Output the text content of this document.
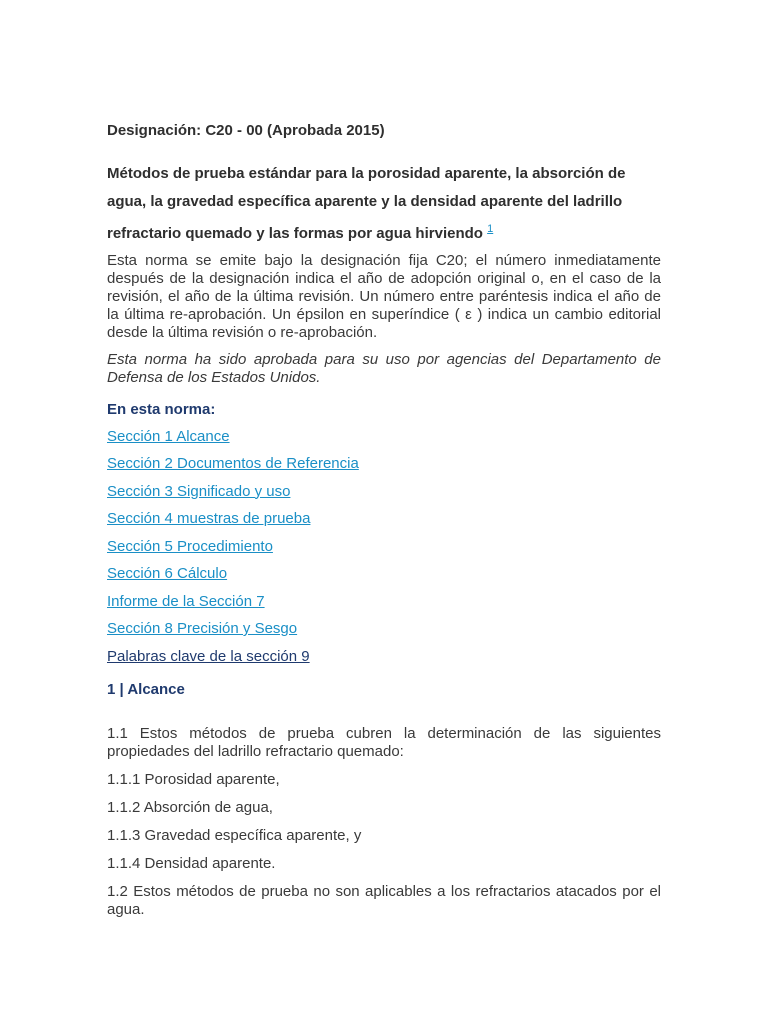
Designación: C20 - 00 (Aprobada 2015)
Métodos de prueba estándar para la porosidad aparente, la absorción de agua, la gravedad específica aparente y la densidad aparente del ladrillo refractario quemado y las formas por agua hirviendo $^1$

Esta norma se emite bajo la designación fija C20; el número inmediatamente después de la designación indica el año de adopción original o, en el caso de la revisión, el año de la última revisión. Un número entre paréntesis indica el año de la última re-aprobación. Un épsilon en superíndice ( ε ) indica un cambio editorial desde la última revisión o re-aprobación.

Esta norma ha sido aprobada para su uso por agencias del Departamento de Defensa de los Estados Unidos.

En esta norma:
Sección 1 Alcance
Sección 2 Documentos de Referencia
Sección 3 Significado y uso
Sección 4 muestras de prueba
Sección 5 Procedimiento
Sección 6 Cálculo
Informe de la Sección 7
Sección 8 Precisión y Sesgo
Palabras clave de la sección 9
1 | Alcance

1.1 Estos métodos de prueba cubren la determinación de las siguientes propiedades del ladrillo refractario quemado:

1.1.1 Porosidad aparente,

1.1.2 Absorción de agua,

1.1.3 Gravedad específica aparente, y

1.1.4 Densidad aparente.

1.2 Estos métodos de prueba no son aplicables a los refractarios atacados por el agua.
